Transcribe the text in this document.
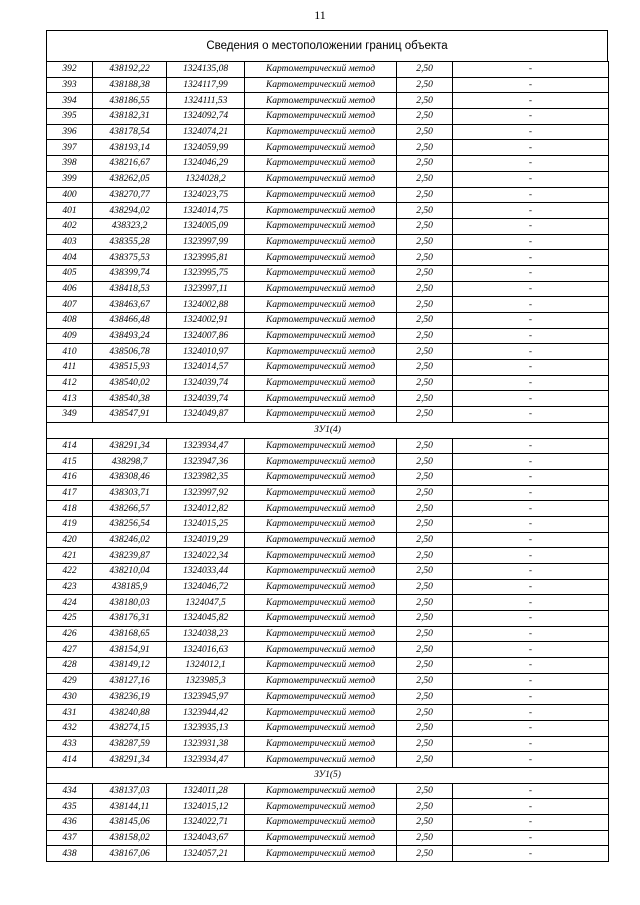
11
Сведения о местоположении границ объекта
392	438192,22	1324135,08	Картометрический метод	2,50	-
393	438188,38	1324117,99	Картометрический метод	2,50	-
394	438186,55	1324111,53	Картометрический метод	2,50	-
395	438182,31	1324092,74	Картометрический метод	2,50	-
396	438178,54	1324074,21	Картометрический метод	2,50	-
397	438193,14	1324059,99	Картометрический метод	2,50	-
398	438216,67	1324046,29	Картометрический метод	2,50	-
399	438262,05	1324028,2	Картометрический метод	2,50	-
400	438270,77	1324023,75	Картометрический метод	2,50	-
401	438294,02	1324014,75	Картометрический метод	2,50	-
402	438323,2	1324005,09	Картометрический метод	2,50	-
403	438355,28	1323997,99	Картометрический метод	2,50	-
404	438375,53	1323995,81	Картометрический метод	2,50	-
405	438399,74	1323995,75	Картометрический метод	2,50	-
406	438418,53	1323997,11	Картометрический метод	2,50	-
407	438463,67	1324002,88	Картометрический метод	2,50	-
408	438466,48	1324002,91	Картометрический метод	2,50	-
409	438493,24	1324007,86	Картометрический метод	2,50	-
410	438506,78	1324010,97	Картометрический метод	2,50	-
411	438515,93	1324014,57	Картометрический метод	2,50	-
412	438540,02	1324039,74	Картометрический метод	2,50	-
413	438540,38	1324039,74	Картометрический метод	2,50	-
349	438547,91	1324049,87	Картометрический метод	2,50	-
ЗУ1(4)					
414	438291,34	1323934,47	Картометрический метод	2,50	-
415	438298,7	1323947,36	Картометрический метод	2,50	-
416	438308,46	1323982,35	Картометрический метод	2,50	-
417	438303,71	1323997,92	Картометрический метод	2,50	-
418	438266,57	1324012,82	Картометрический метод	2,50	-
419	438256,54	1324015,25	Картометрический метод	2,50	-
420	438246,02	1324019,29	Картометрический метод	2,50	-
421	438239,87	1324022,34	Картометрический метод	2,50	-
422	438210,04	1324033,44	Картометрический метод	2,50	-
423	438185,9	1324046,72	Картометрический метод	2,50	-
424	438180,03	1324047,5	Картометрический метод	2,50	-
425	438176,31	1324045,82	Картометрический метод	2,50	-
426	438168,65	1324038,23	Картометрический метод	2,50	-
427	438154,91	1324016,63	Картометрический метод	2,50	-
428	438149,12	1324012,1	Картометрический метод	2,50	-
429	438127,16	1323985,3	Картометрический метод	2,50	-
430	438236,19	1323945,97	Картометрический метод	2,50	-
431	438240,88	1323944,42	Картометрический метод	2,50	-
432	438274,15	1323935,13	Картометрический метод	2,50	-
433	438287,59	1323931,38	Картометрический метод	2,50	-
414	438291,34	1323934,47	Картометрический метод	2,50	-
ЗУ1(5)					
434	438137,03	1324011,28	Картометрический метод	2,50	-
435	438144,11	1324015,12	Картометрический метод	2,50	-
436	438145,06	1324022,71	Картометрический метод	2,50	-
437	438158,02	1324043,67	Картометрический метод	2,50	-
438	438167,06	1324057,21	Картометрический метод	2,50	-
